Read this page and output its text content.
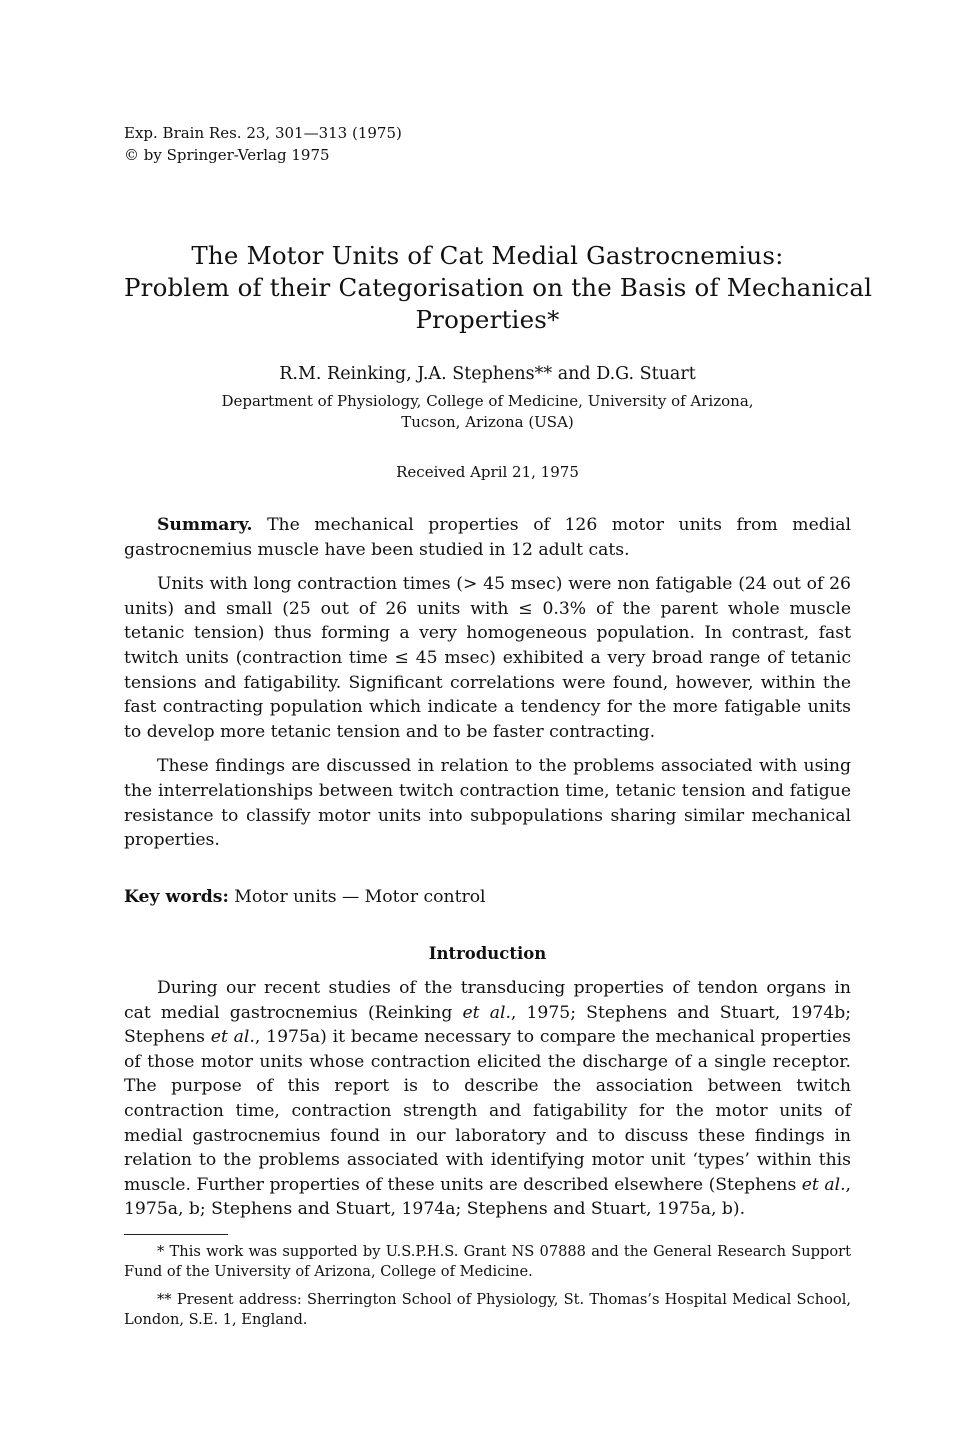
Exp. Brain Res. 23, 301—313 (1975)
© by Springer-Verlag 1975
The Motor Units of Cat Medial Gastrocnemius:
Problem of their Categorisation on the Basis of Mechanical
Properties*
R.M. Reinking, J.A. Stephens** and D.G. Stuart
Department of Physiology, College of Medicine, University of Arizona,
Tucson, Arizona (USA)
Received April 21, 1975

Summary. The mechanical properties of 126 motor units from medial gastrocnemius muscle have been studied in 12 adult cats.

Units with long contraction times (> 45 msec) were non fatigable (24 out of 26 units) and small (25 out of 26 units with ≤ 0.3% of the parent whole muscle tetanic tension) thus forming a very homogeneous population. In contrast, fast twitch units (contraction time ≤ 45 msec) exhibited a very broad range of tetanic tensions and fatigability. Significant correlations were found, however, within the fast contracting population which indicate a tendency for the more fatigable units to develop more tetanic tension and to be faster contracting.

These findings are discussed in relation to the problems associated with using the interrelationships between twitch contraction time, tetanic tension and fatigue resistance to classify motor units into subpopulations sharing similar mechanical properties.

Key words: Motor units — Motor control
Introduction

During our recent studies of the transducing properties of tendon organs in cat medial gastrocnemius (Reinking et al., 1975; Stephens and Stuart, 1974b; Stephens et al., 1975a) it became necessary to compare the mechanical properties of those motor units whose contraction elicited the discharge of a single receptor. The purpose of this report is to describe the association between twitch contraction time, contraction strength and fatigability for the motor units of medial gastrocnemius found in our laboratory and to discuss these findings in relation to the problems associated with identifying motor unit ‘types’ within this muscle. Further properties of these units are described elsewhere (Stephens et al., 1975a, b; Stephens and Stuart, 1974a; Stephens and Stuart, 1975a, b).

* This work was supported by U.S.P.H.S. Grant NS 07888 and the General Research Support Fund of the University of Arizona, College of Medicine.

** Present address: Sherrington School of Physiology, St. Thomas’s Hospital Medical School, London, S.E. 1, England.
